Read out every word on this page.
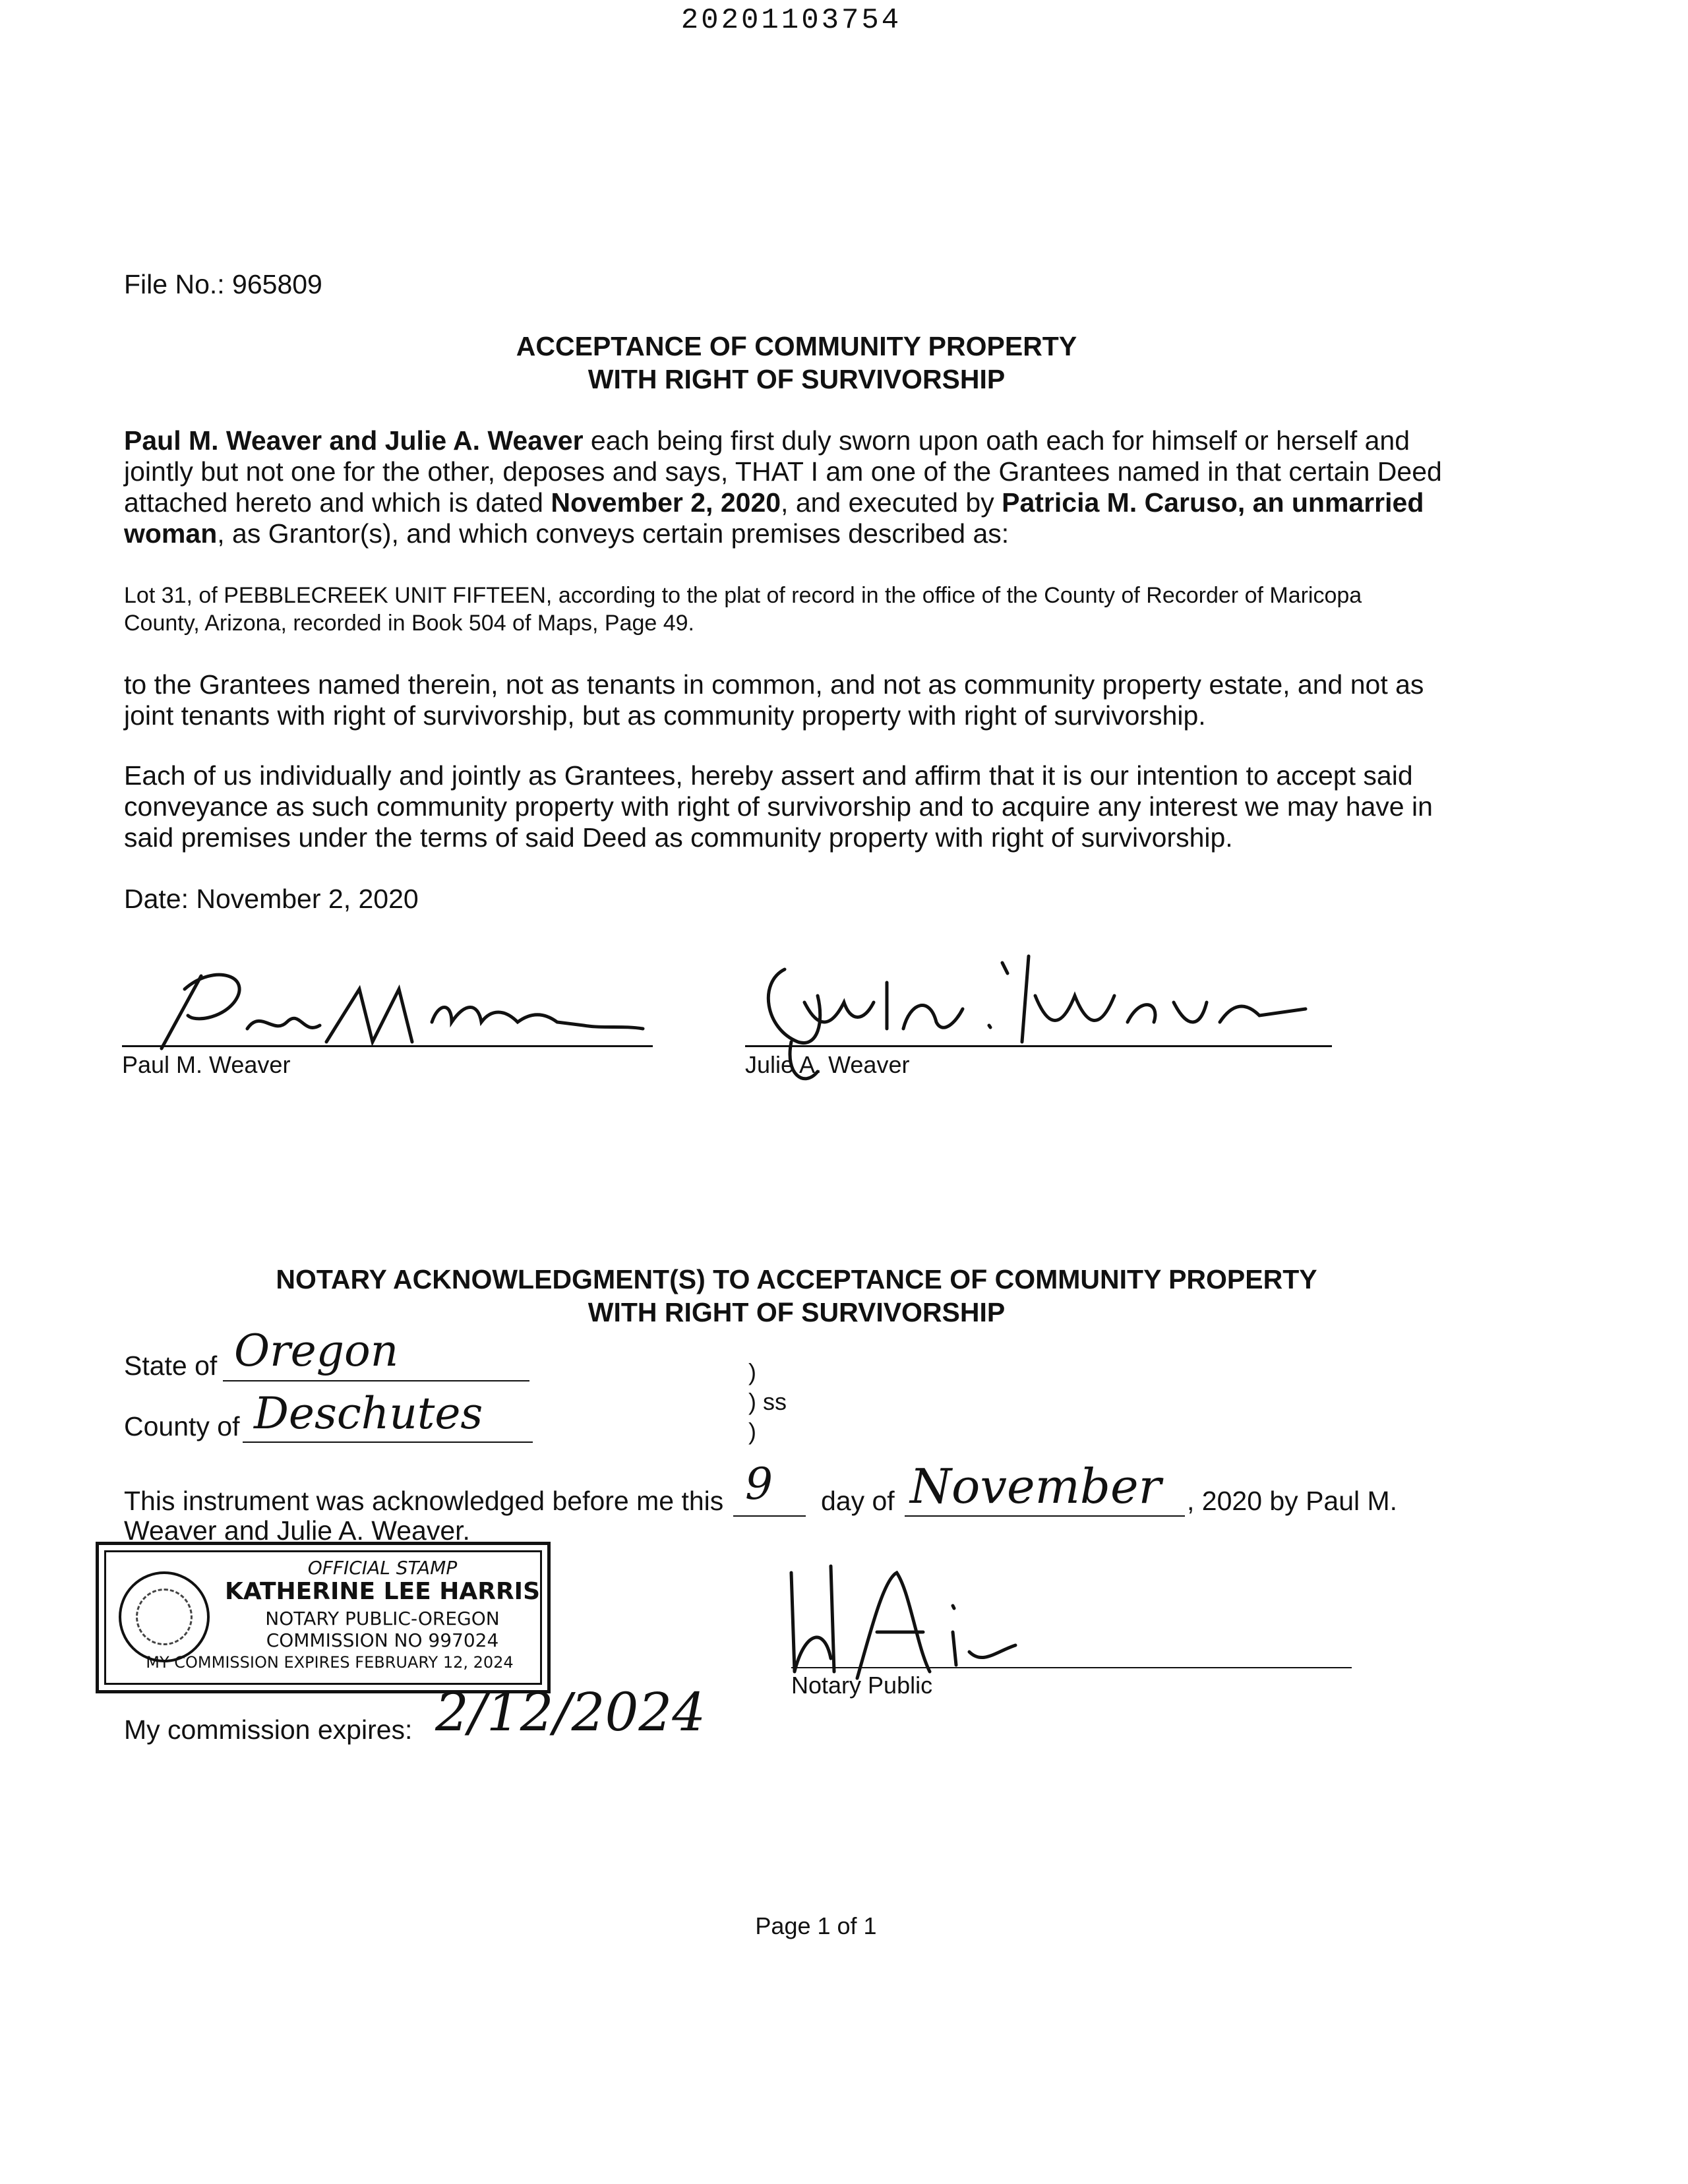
20201103754
File No.: 965809
ACCEPTANCE OF COMMUNITY PROPERTY
WITH RIGHT OF SURVIVORSHIP
Paul M. Weaver and Julie A. Weaver each being first duly sworn upon oath each for himself or herself and jointly but not one for the other, deposes and says, THAT I am one of the Grantees named in that certain Deed attached hereto and which is dated November 2, 2020, and executed by Patricia M. Caruso, an unmarried woman, as Grantor(s), and which conveys certain premises described as:
Lot 31, of PEBBLECREEK UNIT FIFTEEN, according to the plat of record in the office of the County of Recorder of Maricopa County, Arizona, recorded in Book 504 of Maps, Page 49.
to the Grantees named therein, not as tenants in common, and not as community property estate, and not as joint tenants with right of survivorship, but as community property with right of survivorship.
Each of us individually and jointly as Grantees, hereby assert and affirm that it is our intention to accept said conveyance as such community property with right of survivorship and to acquire any interest we may have in said premises under the terms of said Deed as community property with right of survivorship.
Date: November 2, 2020
Paul M. Weaver	Julie A. Weaver
NOTARY ACKNOWLEDGMENT(S) TO ACCEPTANCE OF COMMUNITY PROPERTY
WITH RIGHT OF SURVIVORSHIP
State of Oregon
County of Deschutes
)
) ss
)
This instrument was acknowledged before me this 9 day of November , 2020 by Paul M.
Weaver and Julie A. Weaver.
OFFICIAL STAMP
KATHERINE LEE HARRIS
NOTARY PUBLIC-OREGON
COMMISSION NO 997024
MY COMMISSION EXPIRES FEBRUARY 12, 2024
Notary Public
My commission expires: 2/12/2024
Page 1 of 1
